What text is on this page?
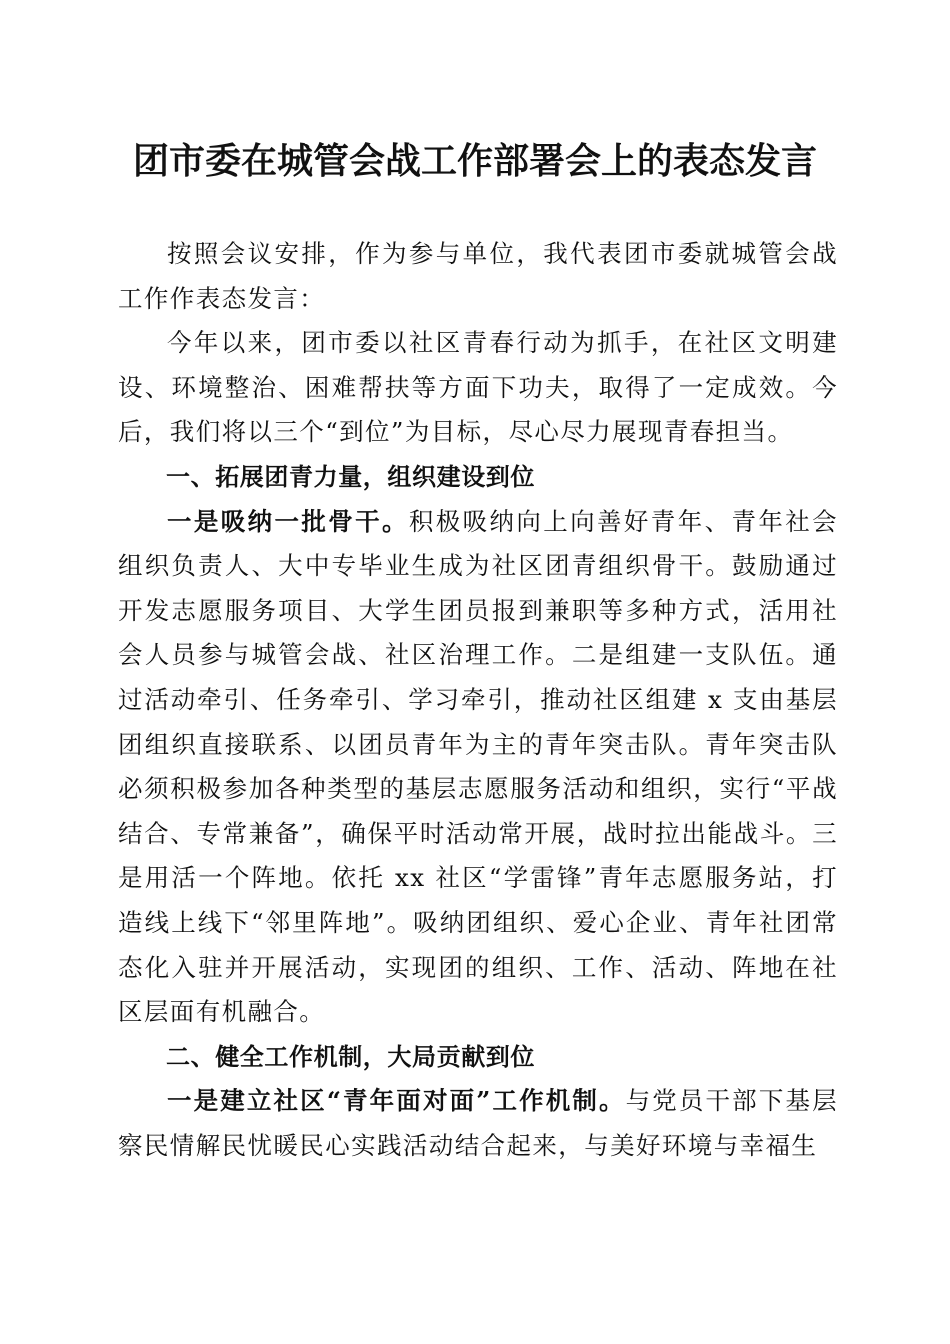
团市委在城管会战工作部署会上的表态发言

按照会议安排，作为参与单位，我代表团市委就城管会战工作作表态发言：

今年以来，团市委以社区青春行动为抓手，在社区文明建设、环境整治、困难帮扶等方面下功夫，取得了一定成效。今后，我们将以三个“到位”为目标，尽心尽力展现青春担当。

一、拓展团青力量，组织建设到位

一是吸纳一批骨干。积极吸纳向上向善好青年、青年社会组织负责人、大中专毕业生成为社区团青组织骨干。鼓励通过开发志愿服务项目、大学生团员报到兼职等多种方式，活用社会人员参与城管会战、社区治理工作。二是组建一支队伍。通过活动牵引、任务牵引、学习牵引，推动社区组建 x 支由基层团组织直接联系、以团员青年为主的青年突击队。青年突击队必须积极参加各种类型的基层志愿服务活动和组织，实行“平战结合、专常兼备”，确保平时活动常开展，战时拉出能战斗。三是用活一个阵地。依托 xx 社区“学雷锋”青年志愿服务站，打造线上线下“邻里阵地”。吸纳团组织、爱心企业、青年社团常态化入驻并开展活动，实现团的组织、工作、活动、阵地在社区层面有机融合。

二、健全工作机制，大局贡献到位

一是建立社区“青年面对面”工作机制。与党员干部下基层察民情解民忧暖民心实践活动结合起来，与美好环境与幸福生
